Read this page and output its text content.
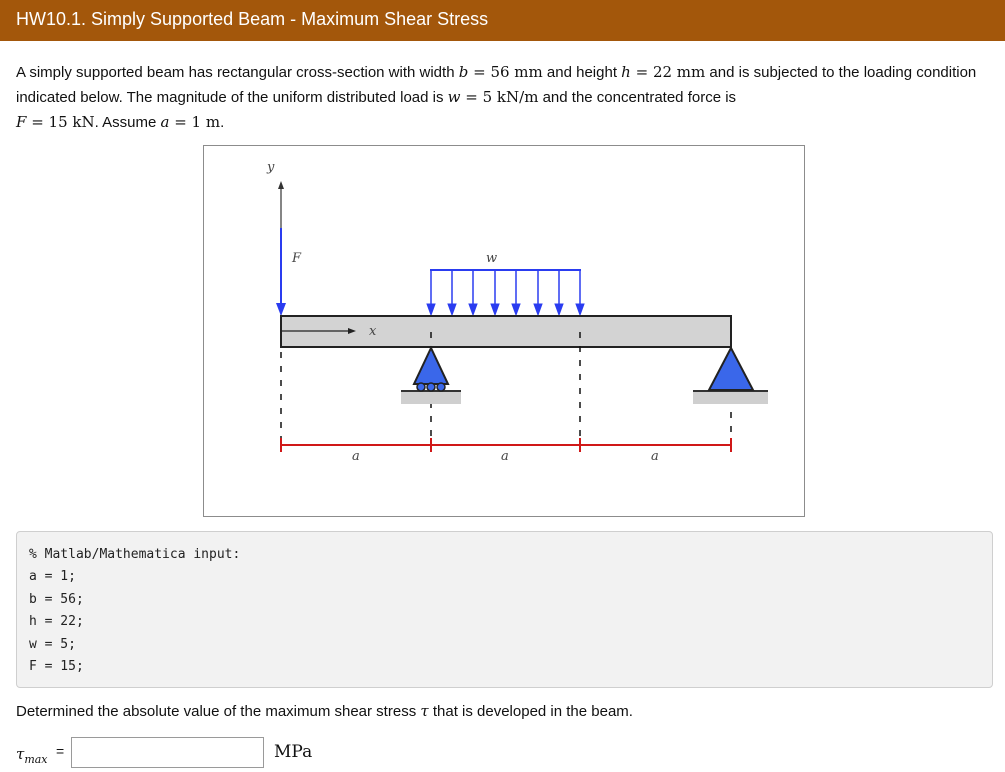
HW10.1. Simply Supported Beam - Maximum Shear Stress
A simply supported beam has rectangular cross-section with width b = 56 mm and height h = 22 mm and is subjected to the loading condition indicated below. The magnitude of the uniform distributed load is w = 5 kN/m and the concentrated force is
F = 15 kN. Assume a = 1 m.
y
F	w
x
a	a	a
% Matlab/Mathematica input:
a = 1;
b = 56;
h = 22;
w = 5;
F = 15;
Determined the absolute value of the maximum shear stress τ that is developed in the beam.
$\tau_{max}$
=	MPa
